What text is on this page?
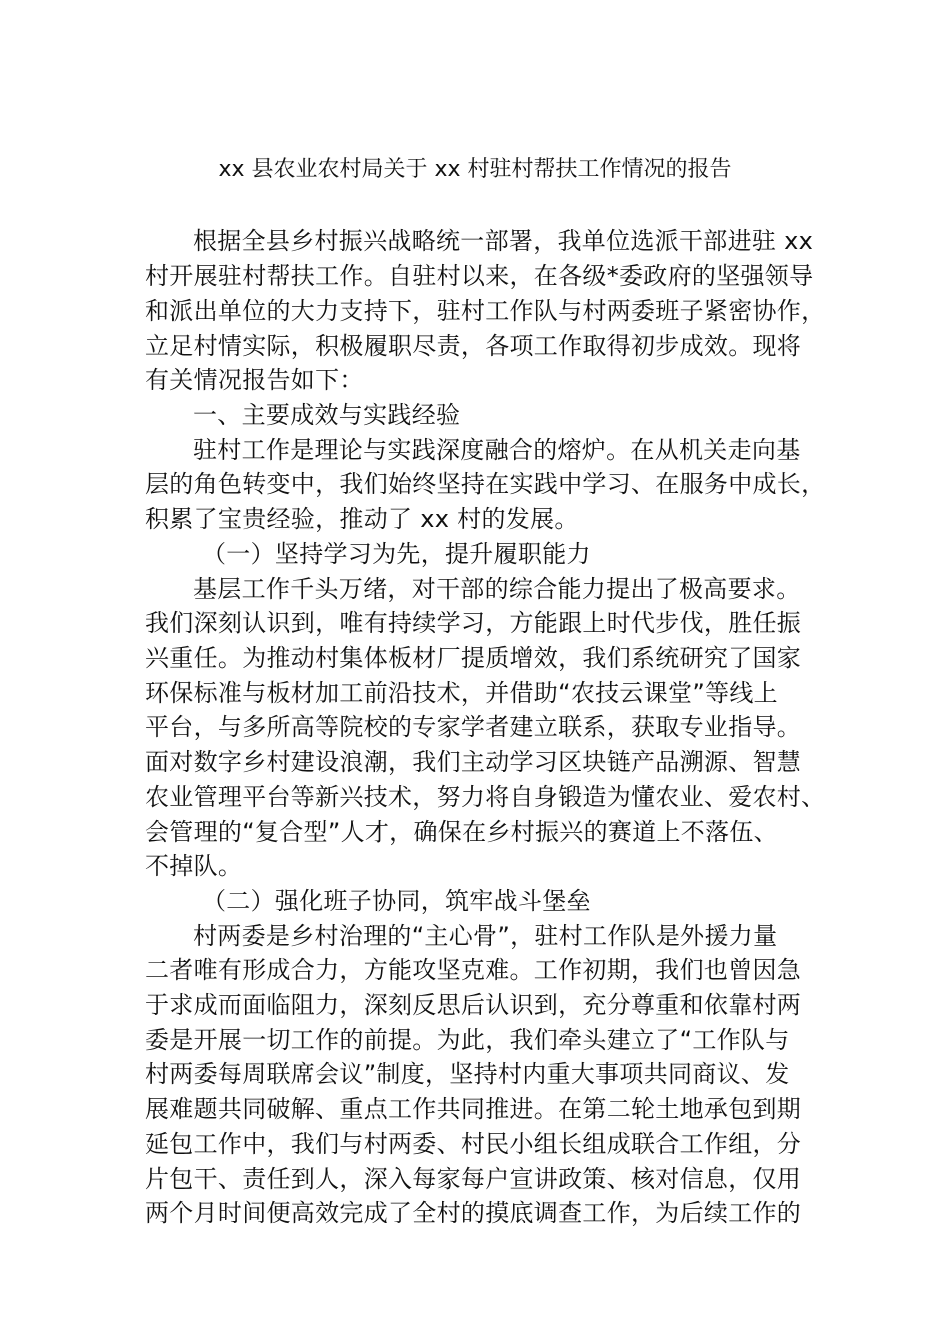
xx 县农业农村局关于 xx 村驻村帮扶工作情况的报告
根据全县乡村振兴战略统一部署，我单位选派干部进驻 xx
村开展驻村帮扶工作。自驻村以来，在各级*委政府的坚强领导
和派出单位的大力支持下，驻村工作队与村两委班子紧密协作，
立足村情实际，积极履职尽责，各项工作取得初步成效。现将
有关情况报告如下：
一、主要成效与实践经验
驻村工作是理论与实践深度融合的熔炉。在从机关走向基
层的角色转变中，我们始终坚持在实践中学习、在服务中成长，
积累了宝贵经验，推动了 xx 村的发展。
（一）坚持学习为先，提升履职能力
基层工作千头万绪，对干部的综合能力提出了极高要求。
我们深刻认识到，唯有持续学习，方能跟上时代步伐，胜任振
兴重任。为推动村集体板材厂提质增效，我们系统研究了国家
环保标准与板材加工前沿技术，并借助“农技云课堂”等线上
平台，与多所高等院校的专家学者建立联系，获取专业指导。
面对数字乡村建设浪潮，我们主动学习区块链产品溯源、智慧
农业管理平台等新兴技术，努力将自身锻造为懂农业、爱农村、
会管理的“复合型”人才，确保在乡村振兴的赛道上不落伍、
不掉队。
（二）强化班子协同，筑牢战斗堡垒
村两委是乡村治理的“主心骨”，驻村工作队是外援力量
二者唯有形成合力，方能攻坚克难。工作初期，我们也曾因急
于求成而面临阻力，深刻反思后认识到，充分尊重和依靠村两
委是开展一切工作的前提。为此，我们牵头建立了“工作队与
村两委每周联席会议”制度，坚持村内重大事项共同商议、发
展难题共同破解、重点工作共同推进。在第二轮土地承包到期
延包工作中，我们与村两委、村民小组长组成联合工作组，分
片包干、责任到人，深入每家每户宣讲政策、核对信息，仅用
两个月时间便高效完成了全村的摸底调查工作，为后续工作的
